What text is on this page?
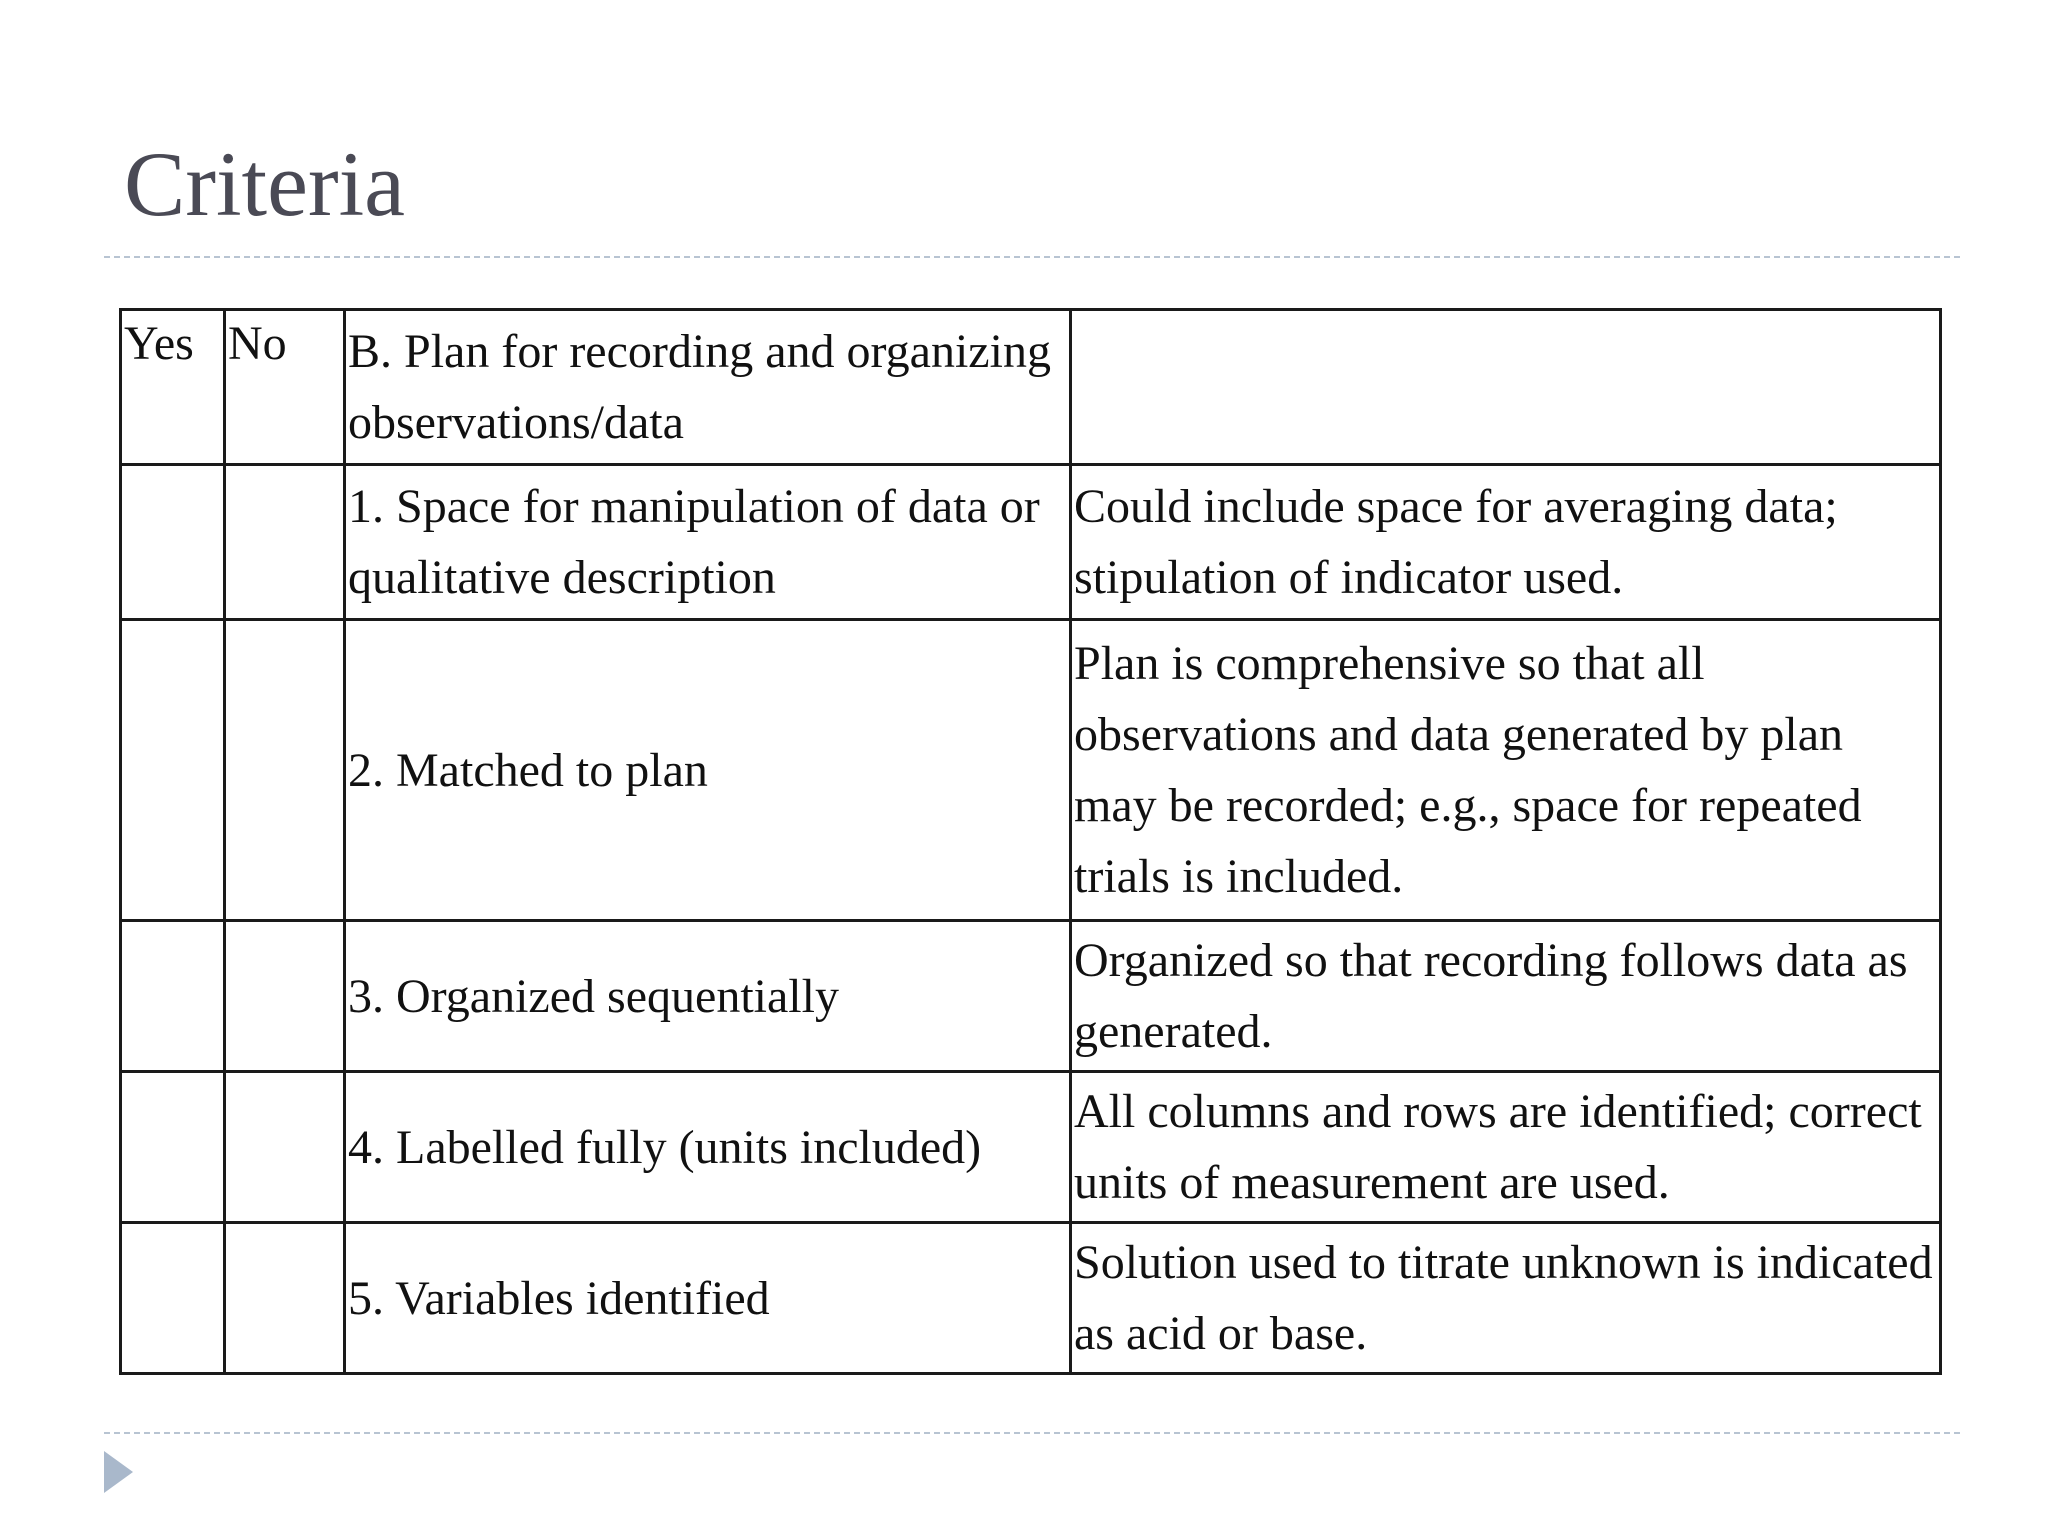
Criteria
Yes	No	B. Plan for recording and organizing observations/data	
		1. Space for manipulation of data or qualitative description	Could include space for averaging data; stipulation of indicator used.
		2. Matched to plan	Plan is comprehensive so that all observations and data generated by plan may be recorded; e.g., space for repeated trials is included.
		3. Organized sequentially	Organized so that recording follows data as generated.
		4. Labelled fully (units included)	All columns and rows are identified; correct units of measurement are used.
		5. Variables identified	Solution used to titrate unknown is indicated as acid or base.
